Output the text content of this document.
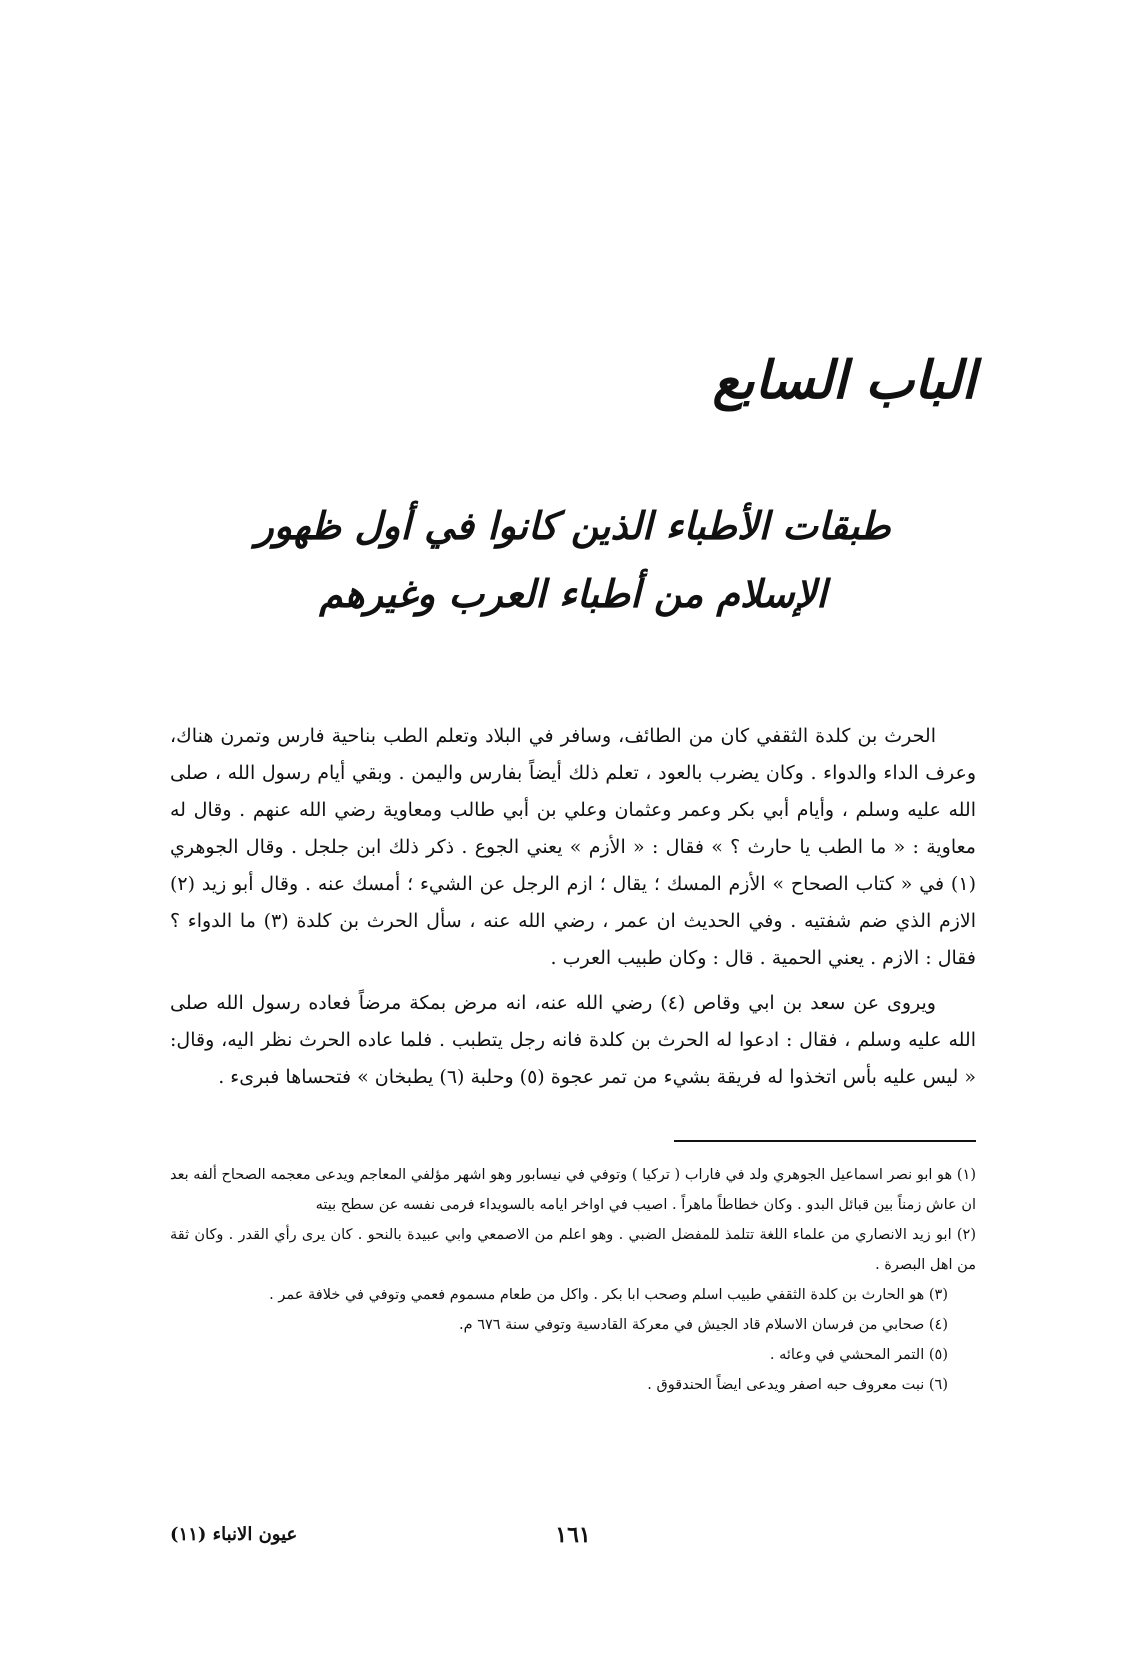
الباب السابع
طبقات الأطباء الذين كانوا في أول ظهور
الإسلام من أطباء العرب وغيرهم

الحرث بن كلدة الثقفي كان من الطائف، وسافر في البلاد وتعلم الطب بناحية فارس وتمرن هناك، وعرف الداء والدواء . وكان يضرب بالعود ، تعلم ذلك أيضاً بفارس واليمن . وبقي أيام رسول الله ، صلى الله عليه وسلم ، وأيام أبي بكر وعمر وعثمان وعلي بن أبي طالب ومعاوية رضي الله عنهم . وقال له معاوية : « ما الطب يا حارث ؟ » فقال : « الأزم » يعني الجوع . ذكر ذلك ابن جلجل . وقال الجوهري (١) في « كتاب الصحاح » الأزم المسك ؛ يقال ؛ ازم الرجل عن الشيء ؛ أمسك عنه . وقال أبو زيد (٢) الازم الذي ضم شفتيه . وفي الحديث ان عمر ، رضي الله عنه ، سأل الحرث بن كلدة (٣) ما الدواء ؟ فقال : الازم . يعني الحمية . قال : وكان طبيب العرب .

ويروى عن سعد بن ابي وقاص (٤) رضي الله عنه، انه مرض بمكة مرضاً فعاده رسول الله صلى الله عليه وسلم ، فقال : ادعوا له الحرث بن كلدة فانه رجل يتطبب . فلما عاده الحرث نظر اليه، وقال: « ليس عليه بأس اتخذوا له فريقة بشيء من تمر عجوة (٥) وحلبة (٦) يطبخان » فتحساها فبرىء .

(١) هو ابو نصر اسماعيل الجوهري ولد في فاراب ( تركيا ) وتوفي في نيسابور وهو اشهر مؤلفي المعاجم ويدعى معجمه الصحاح ألفه بعد ان عاش زمناً بين قبائل البدو . وكان خطاطاً ماهراً . اصيب في اواخر ايامه بالسويداء فرمى نفسه عن سطح بيته

(٢) ابو زيد الانصاري من علماء اللغة تتلمذ للمفضل الضبي . وهو اعلم من الاصمعي وابي عبيدة بالنحو . كان يرى رأي القدر . وكان ثقة من اهل البصرة .

(٣) هو الحارث بن كلدة الثقفي طبيب اسلم وصحب ابا بكر . واكل من طعام مسموم فعمي وتوفي في خلافة عمر .

(٤) صحابي من فرسان الاسلام قاد الجيش في معركة القادسية وتوفي سنة ٦٧٦ م.

(٥) التمر المحشي في وعائه .

(٦) نبت معروف حبه اصفر ويدعى ايضاً الحندقوق .

١٦١
عيون الانباء (١١)
